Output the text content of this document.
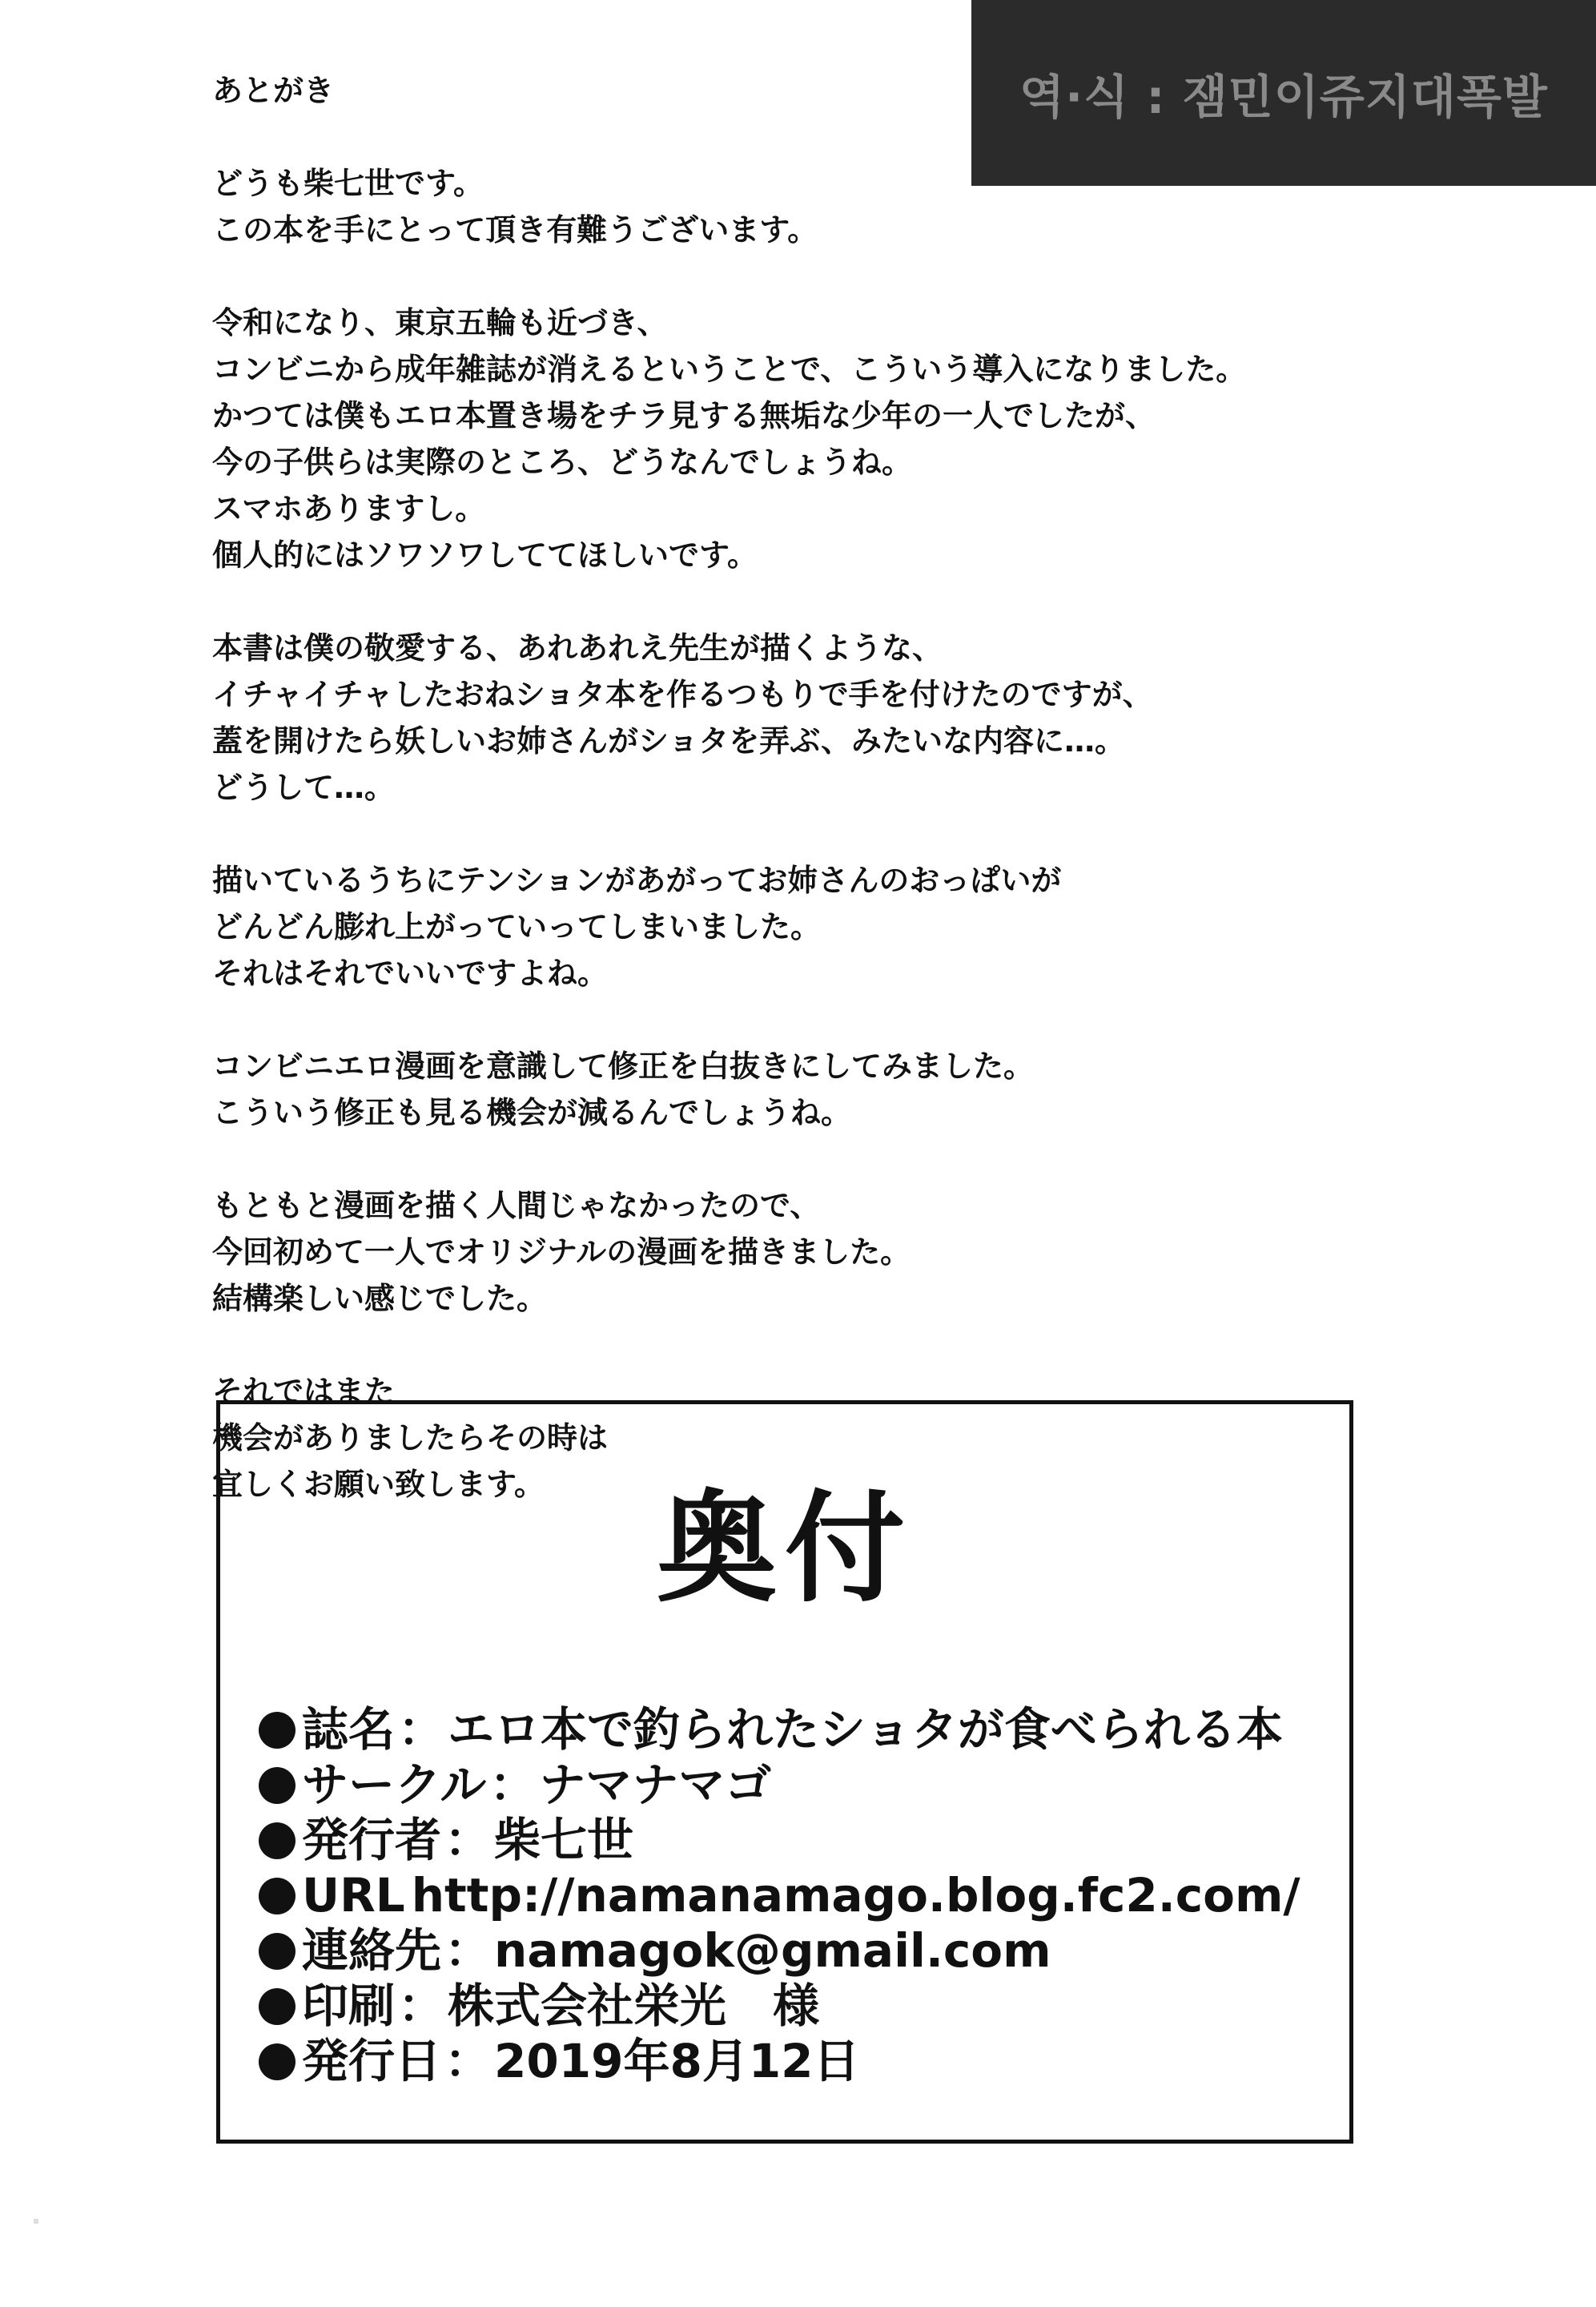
역·식 : 잼민이쥬지대폭발
あとがき
どうも柴七世です。
この本を手にとって頂き有難うございます。
令和になり、東京五輪も近づき、
コンビニから成年雑誌が消えるということで、こういう導入になりました。
かつては僕もエロ本置き場をチラ見する無垢な少年の一人でしたが、
今の子供らは実際のところ、どうなんでしょうね。
スマホありますし。
個人的にはソワソワしててほしいです。
本書は僕の敬愛する、あれあれえ先生が描くような、
イチャイチャしたおねショタ本を作るつもりで手を付けたのですが、
蓋を開けたら妖しいお姉さんがショタを弄ぶ、みたいな内容に…。
どうして…。
描いているうちにテンションがあがってお姉さんのおっぱいが
どんどん膨れ上がっていってしまいました。
それはそれでいいですよね。
コンビニエロ漫画を意識して修正を白抜きにしてみました。
こういう修正も見る機会が減るんでしょうね。
もともと漫画を描く人間じゃなかったので、
今回初めて一人でオリジナルの漫画を描きました。
結構楽しい感じでした。
それではまた
機会がありましたらその時は
宜しくお願い致します。 奥付
誌名 ： エロ本で釣られたショタが食べられる本
サークル ： ナマナマゴ
発行者 ： 柴七世
URL http://namanamago.blog.fc2.com/
連絡先 ： namagok@gmail.com
印刷 ： 株式会社栄光　様
発行日 ： 2019年8月12日
